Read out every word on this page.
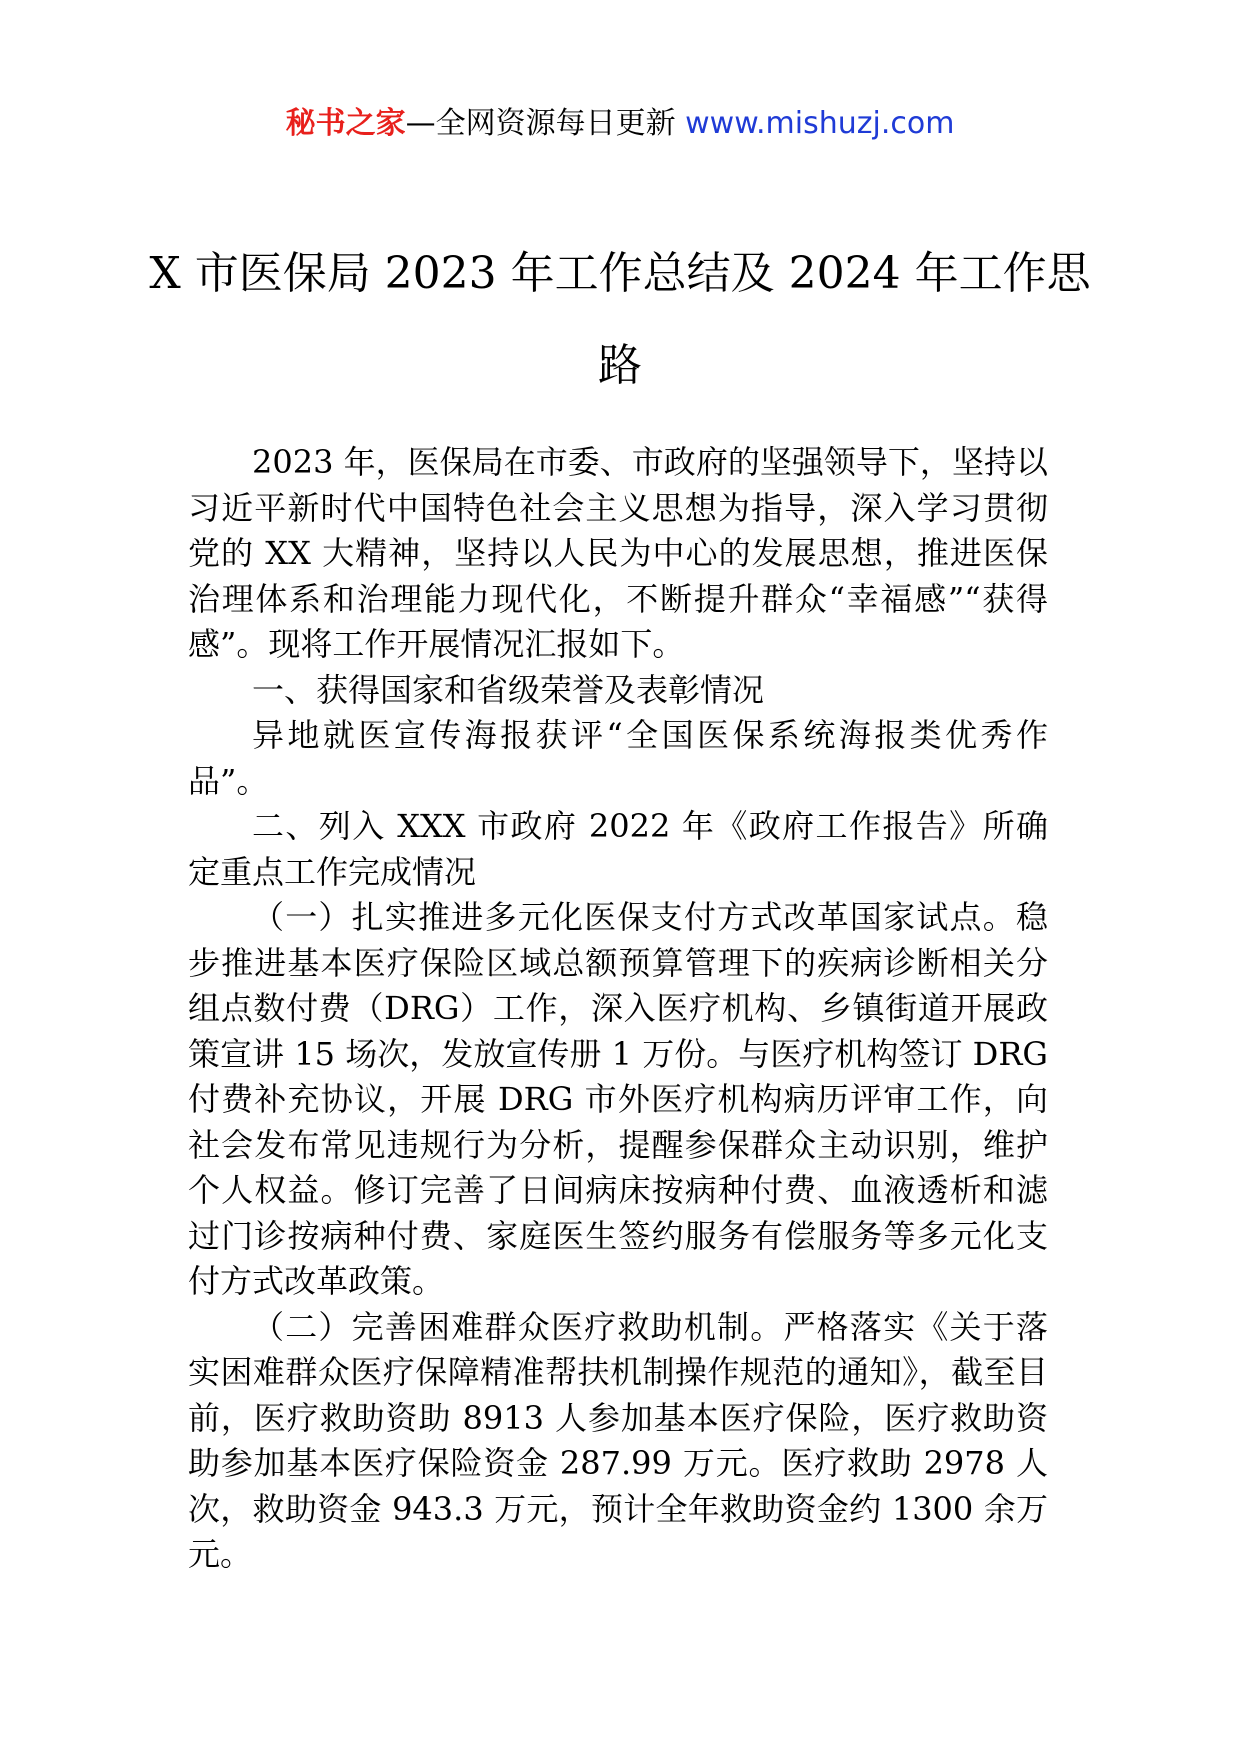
秘书之家—全网资源每日更新 www.mishuzj.com
X 市医保局 2023 年工作总结及 2024 年工作思路

2023 年，医保局在市委、市政府的坚强领导下，坚持以习近平新时代中国特色社会主义思想为指导，深入学习贯彻党的 XX 大精神，坚持以人民为中心的发展思想，推进医保治理体系和治理能力现代化，不断提升群众“幸福感”“获得感”。现将工作开展情况汇报如下。

一、获得国家和省级荣誉及表彰情况

异地就医宣传海报获评“全国医保系统海报类优秀作品”。

二、列入 XXX 市政府 2022 年《政府工作报告》所确定重点工作完成情况

（一）扎实推进多元化医保支付方式改革国家试点。稳步推进基本医疗保险区域总额预算管理下的疾病诊断相关分组点数付费（DRG）工作，深入医疗机构、乡镇街道开展政策宣讲 15 场次，发放宣传册 1 万份。与医疗机构签订 DRG 付费补充协议，开展 DRG 市外医疗机构病历评审工作，向社会发布常见违规行为分析，提醒参保群众主动识别，维护个人权益。修订完善了日间病床按病种付费、血液透析和滤过门诊按病种付费、家庭医生签约服务有偿服务等多元化支付方式改革政策。

（二）完善困难群众医疗救助机制。严格落实《关于落实困难群众医疗保障精准帮扶机制操作规范的通知》，截至目前，医疗救助资助 8913 人参加基本医疗保险，医疗救助资助参加基本医疗保险资金 287.99 万元。医疗救助 2978 人次，救助资金 943.3 万元，预计全年救助资金约 1300 余万元。
